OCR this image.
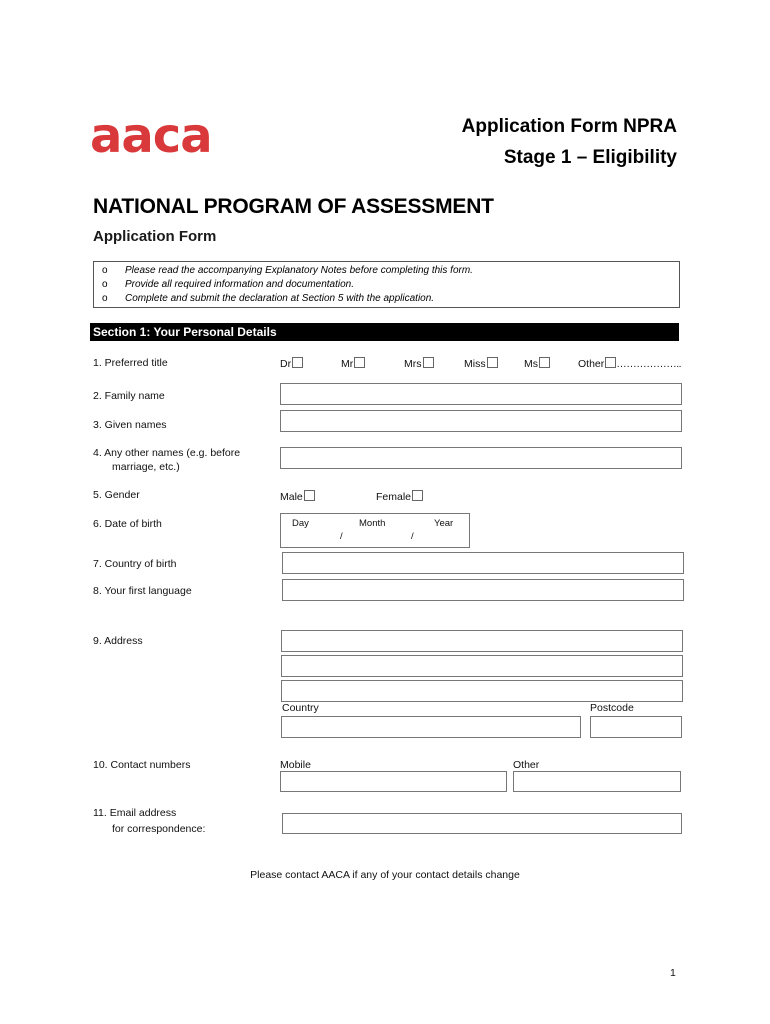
aaca	Application Form NPRA
Stage 1 – Eligibility
NATIONAL PROGRAM OF ASSESSMENT
Application Form
o Please read the accompanying Explanatory Notes before completing this form.
o Provide all required information and documentation.
o Complete and submit the declaration at Section 5 with the application.
Section 1: Your Personal Details
1. Preferred title	Dr	Mr	Mrs	Miss	Ms	Other ………………..
2. Family name
3. Given names
4. Any other names (e.g. before
marriage, etc.)
5. Gender	Male	Female
6. Date of birth	Day	Month	Year
/	/
7. Country of birth
8. Your first language
9. Address
Country	Postcode
10. Contact numbers	Mobile	Other
11. Email address
for correspondence:
Please contact AACA if any of your contact details change
1
